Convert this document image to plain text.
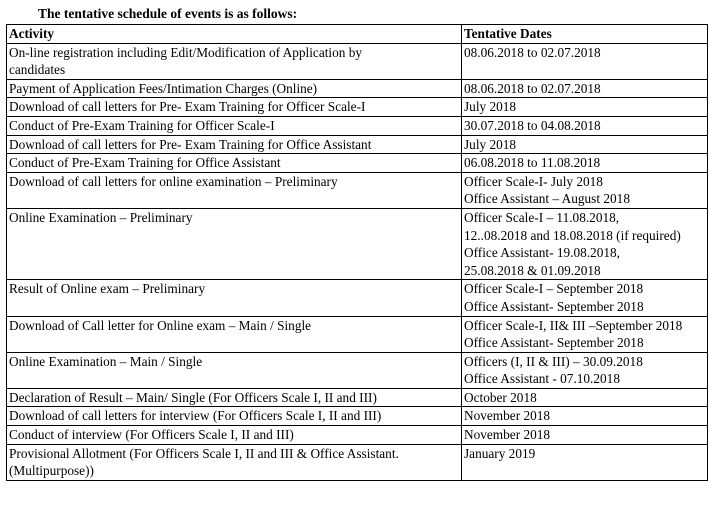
The tentative schedule of events is as follows:
Activity	Tentative Dates

On-line registration including Edit/Modification of Application by
candidates	08.06.2018 to 02.07.2018

Payment of Application Fees/Intimation Charges (Online)	08.06.2018 to 02.07.2018

Download of call letters for Pre- Exam Training for Officer Scale-I	July 2018

Conduct of Pre-Exam Training for Officer Scale-I	30.07.2018 to 04.08.2018

Download of call letters for Pre- Exam Training for Office Assistant	July 2018

Conduct of Pre-Exam Training for Office Assistant	06.08.2018 to 11.08.2018

Download of call letters for online examination – Preliminary	Officer Scale-I- July 2018
Office Assistant – August 2018

Online Examination – Preliminary	Officer Scale-I – 11.08.2018,
12..08.2018 and 18.08.2018 (if required)
Office Assistant- 19.08.2018,
25.08.2018 & 01.09.2018

Result of Online exam – Preliminary	Officer Scale-I – September 2018
Office Assistant- September 2018

Download of Call letter for Online exam – Main / Single	Officer Scale-I, II& III –September 2018
Office Assistant- September 2018

Online Examination – Main / Single	Officers (I, II & III) – 30.09.2018
Office Assistant - 07.10.2018

Declaration of Result – Main/ Single (For Officers Scale I, II and III)	October 2018

Download of call letters for interview (For Officers Scale I, II and III)	November 2018

Conduct of interview (For Officers Scale I, II and III)	November 2018

Provisional Allotment (For Officers Scale I, II and III & Office Assistant.
(Multipurpose))	January 2019
